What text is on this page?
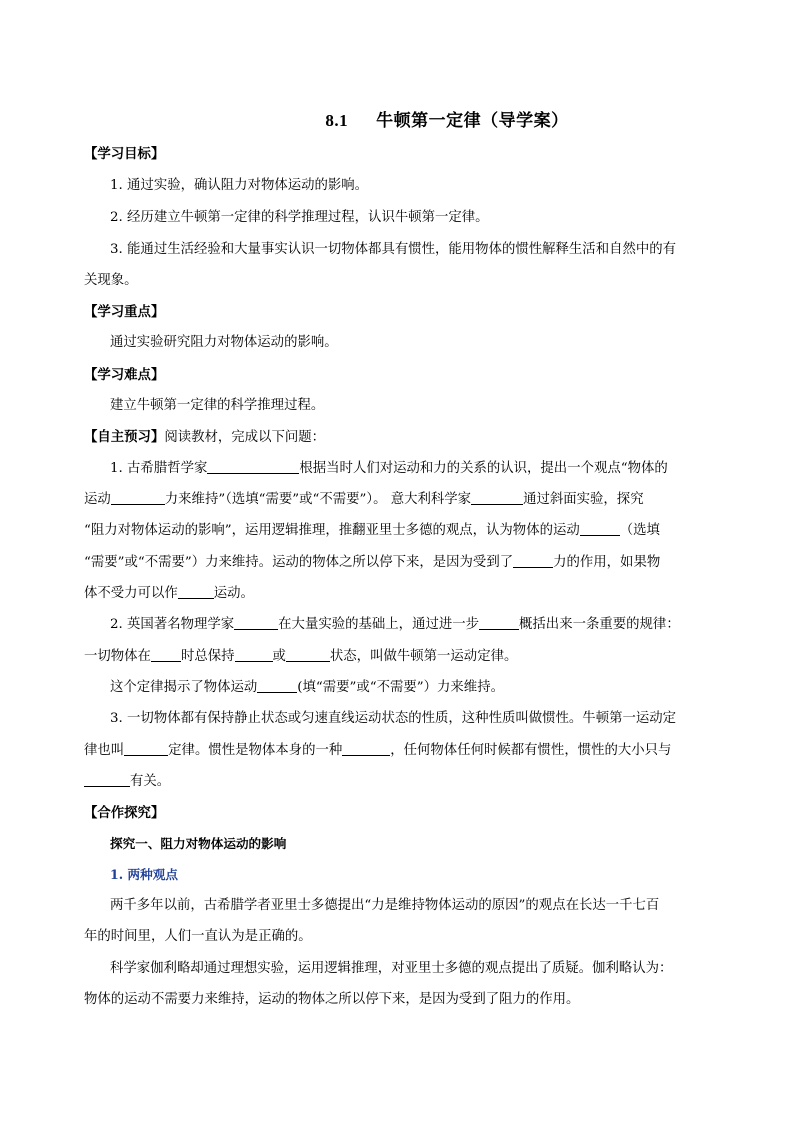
8.1 牛顿第一定律（导学案）
【学习目标】
1. 通过实验，确认阻力对物体运动的影响。
2. 经历建立牛顿第一定律的科学推理过程，认识牛顿第一定律。
3. 能通过生活经验和大量事实认识一切物体都具有惯性，能用物体的惯性解释生活和自然中的有
关现象。
【学习重点】
通过实验研究阻力对物体运动的影响。
【学习难点】
建立牛顿第一定律的科学推理过程。
【自主预习】阅读教材，完成以下问题：
1. 古希腊哲学家	根据当时人们对运动和力的关系的认识，提出一个观点“物体的
运动	力来维持”（选填“需要”或“不需要”）。 意大利科学家	通过斜面实验，探究
“阻力对物体运动的影响”，运用逻辑推理，推翻亚里士多德的观点，认为物体的运动	（选填
“需要”或“不需要”）力来维持。运动的物体之所以停下来，是因为受到了	力的作用，如果物
体不受力可以作	运动。
2. 英国著名物理学家	在大量实验的基础上，通过进一步	概括出来一条重要的规律：
一切物体在 时总保持	或	状态，叫做牛顿第一运动定律。
这个定律揭示了物体运动	(填“需要”或“不需要”）力来维持。
3. 一切物体都有保持静止状态或匀速直线运动状态的性质，这种性质叫做惯性。牛顿第一运动定
律也叫	定律。惯性是物体本身的一种	，任何物体任何时候都有惯性，惯性的大小只与
有关。
【合作探究】
探究一、阻力对物体运动的影响
1. 两种观点
两千多年以前，古希腊学者亚里士多德提出“力是维持物体运动的原因”的观点在长达一千七百
年的时间里，人们一直认为是正确的。
科学家伽利略却通过理想实验，运用逻辑推理，对亚里士多德的观点提出了质疑。伽利略认为：
物体的运动不需要力来维持，运动的物体之所以停下来，是因为受到了阻力的作用。
